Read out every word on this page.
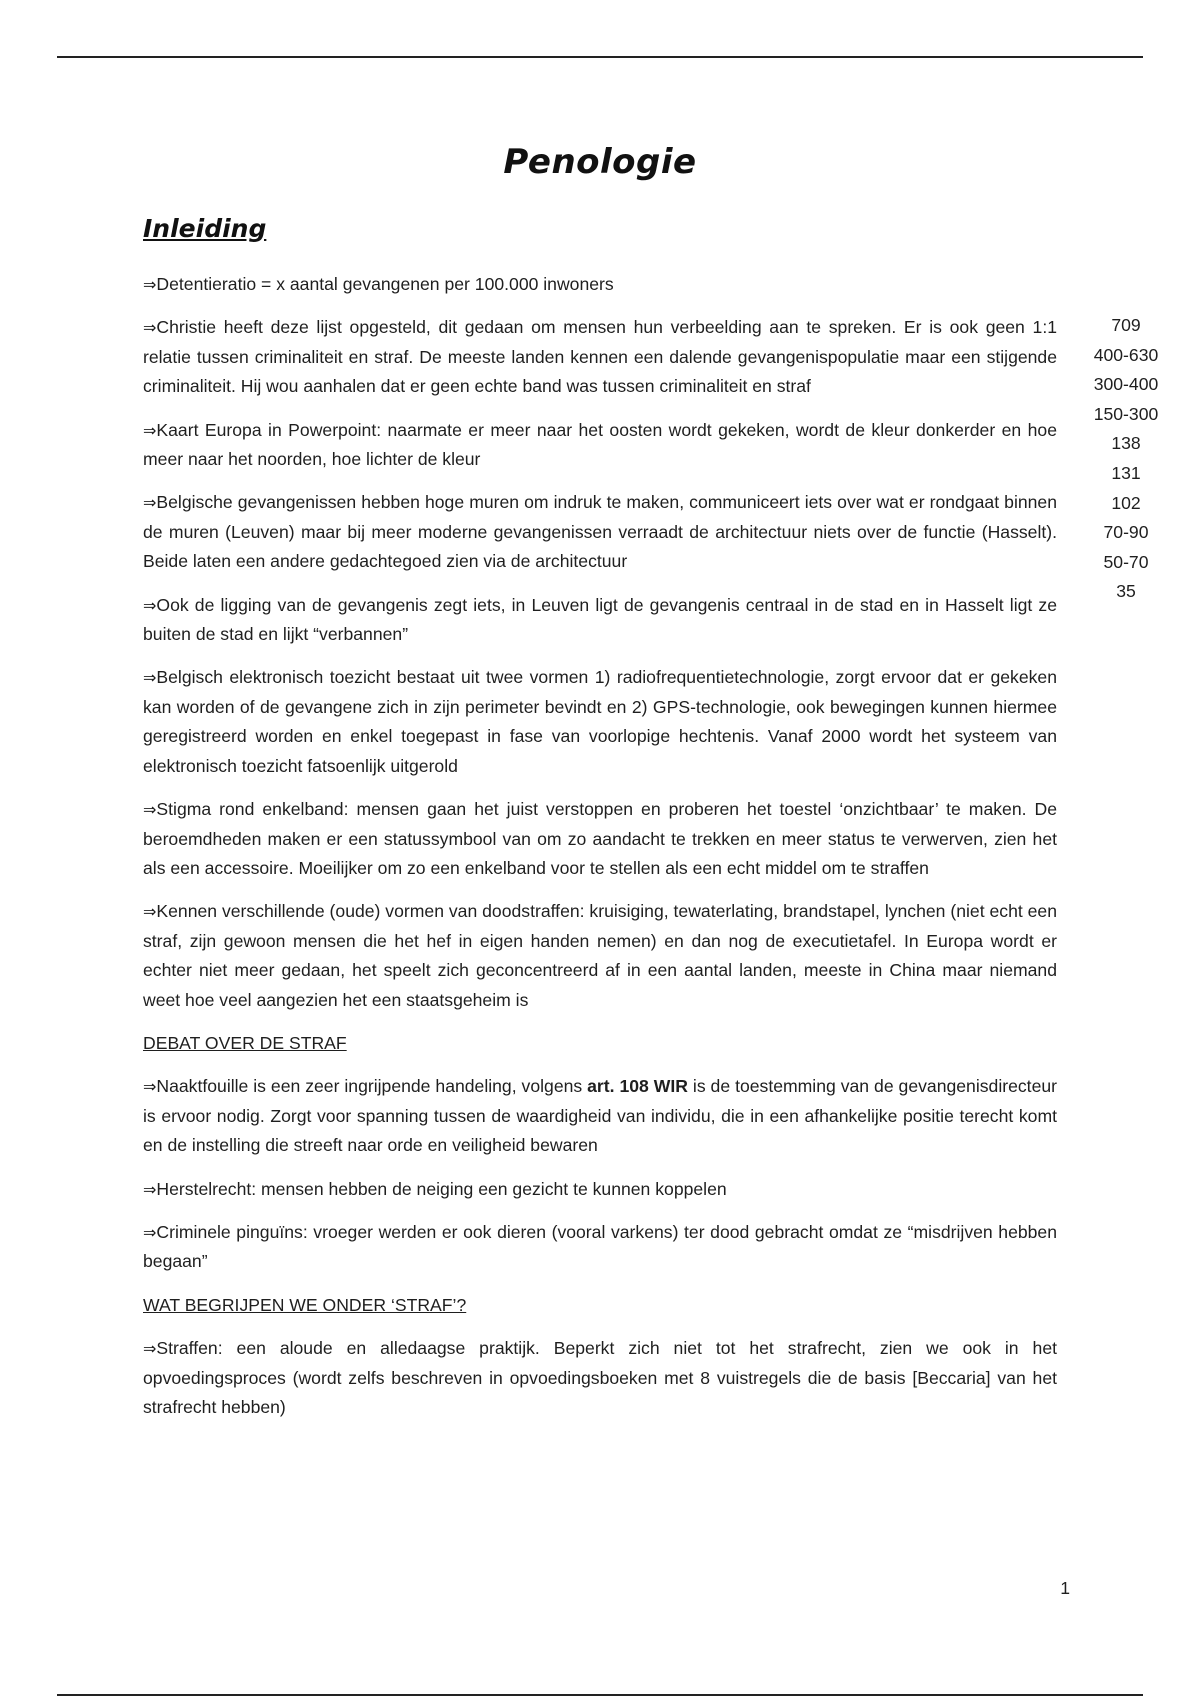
Penologie
Inleiding

⇒Detentieratio = x aantal gevangenen per 100.000 inwoners

⇒Christie heeft deze lijst opgesteld, dit gedaan om mensen hun verbeelding aan te spreken. Er is ook geen 1:1 relatie tussen criminaliteit en straf. De meeste landen kennen een dalende gevangenispopulatie maar een stijgende criminaliteit. Hij wou aanhalen dat er geen echte band was tussen criminaliteit en straf

⇒Kaart Europa in Powerpoint: naarmate er meer naar het oosten wordt gekeken, wordt de kleur donkerder en hoe meer naar het noorden, hoe lichter de kleur

⇒Belgische gevangenissen hebben hoge muren om indruk te maken, communiceert iets over wat er rondgaat binnen de muren (Leuven) maar bij meer moderne gevangenissen verraadt de architectuur niets over de functie (Hasselt). Beide laten een andere gedachtegoed zien via de architectuur

⇒Ook de ligging van de gevangenis zegt iets, in Leuven ligt de gevangenis centraal in de stad en in Hasselt ligt ze buiten de stad en lijkt “verbannen”

⇒Belgisch elektronisch toezicht bestaat uit twee vormen 1) radiofrequentietechnologie, zorgt ervoor dat er gekeken kan worden of de gevangene zich in zijn perimeter bevindt en 2) GPS-technologie, ook bewegingen kunnen hiermee geregistreerd worden en enkel toegepast in fase van voorlopige hechtenis. Vanaf 2000 wordt het systeem van elektronisch toezicht fatsoenlijk uitgerold

⇒Stigma rond enkelband: mensen gaan het juist verstoppen en proberen het toestel ‘onzichtbaar’ te maken. De beroemdheden maken er een statussymbool van om zo aandacht te trekken en meer status te verwerven, zien het als een accessoire. Moeilijker om zo een enkelband voor te stellen als een echt middel om te straffen

⇒Kennen verschillende (oude) vormen van doodstraffen: kruisiging, tewaterlating, brandstapel, lynchen (niet echt een straf, zijn gewoon mensen die het hef in eigen handen nemen) en dan nog de executietafel. In Europa wordt er echter niet meer gedaan, het speelt zich geconcentreerd af in een aantal landen, meeste in China maar niemand weet hoe veel aangezien het een staatsgeheim is

DEBAT OVER DE STRAF

⇒Naaktfouille is een zeer ingrijpende handeling, volgens art. 108 WIR is de toestemming van de gevangenisdirecteur is ervoor nodig. Zorgt voor spanning tussen de waardigheid van individu, die in een afhankelijke positie terecht komt en de instelling die streeft naar orde en veiligheid bewaren

⇒Herstelrecht: mensen hebben de neiging een gezicht te kunnen koppelen

⇒Criminele pinguïns: vroeger werden er ook dieren (vooral varkens) ter dood gebracht omdat ze “misdrijven hebben begaan”

WAT BEGRIJPEN WE ONDER ‘STRAF’?

⇒Straffen: een aloude en alledaagse praktijk. Beperkt zich niet tot het strafrecht, zien we ook in het opvoedingsproces (wordt zelfs beschreven in opvoedingsboeken met 8 vuistregels die de basis [Beccaria] van het strafrecht hebben)

709
400-630
300-400
150-300
138
131
102
70-90
50-70
35
1
